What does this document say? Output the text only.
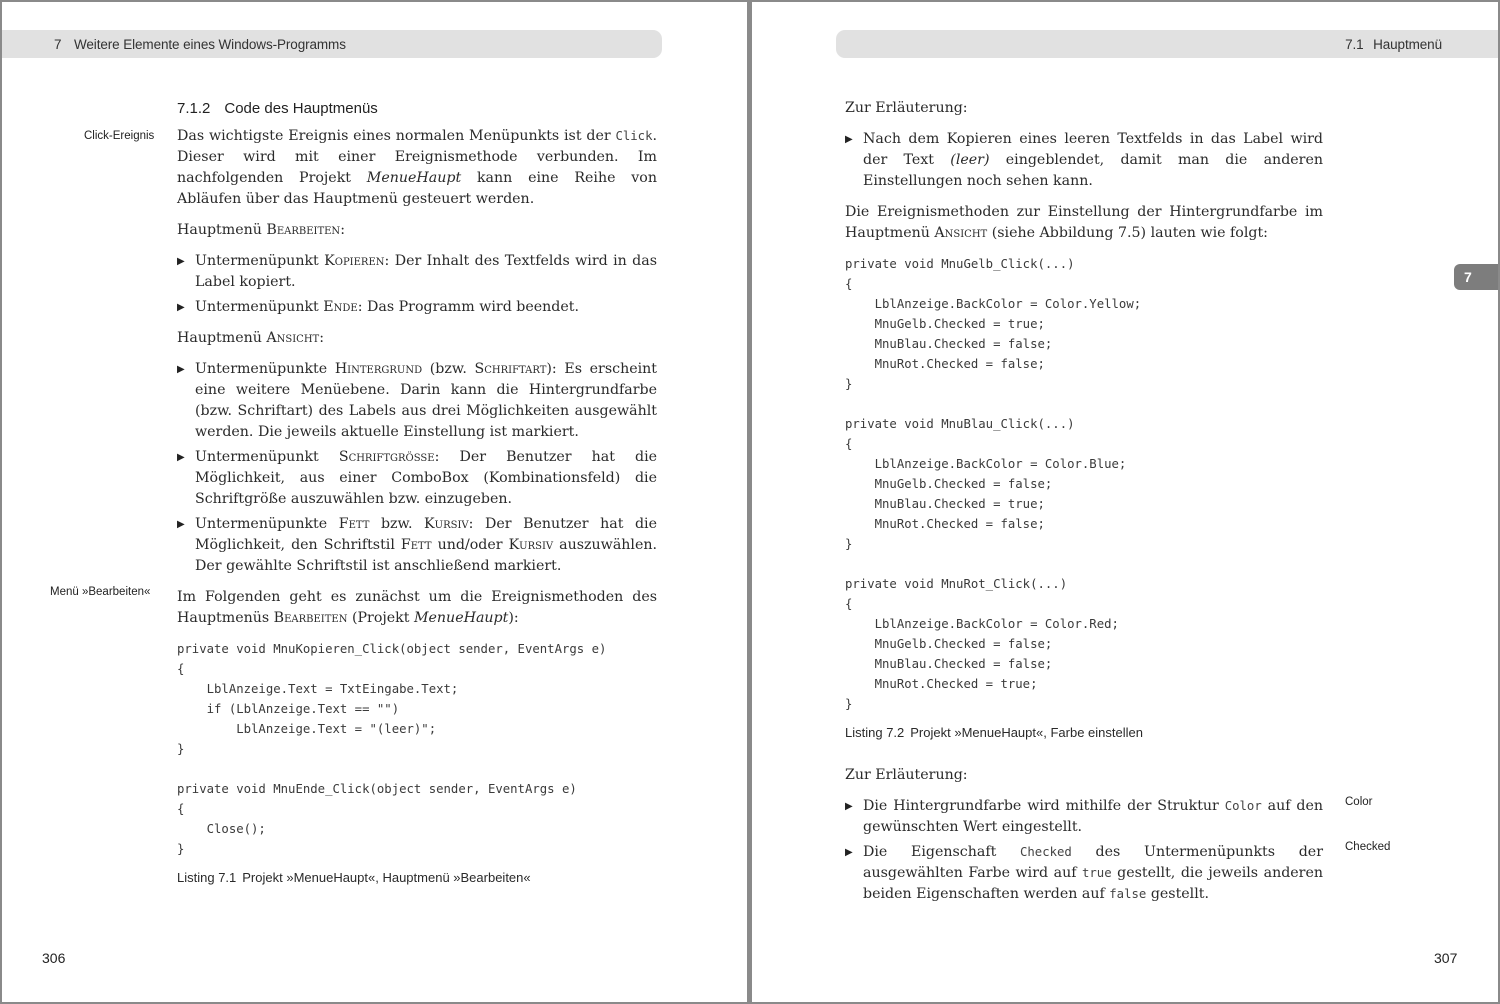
7 Weitere Elemente eines Windows-Programms
Click-Ereignis
Menü »Bearbeiten«
7.1.2 Code des Hauptmenüs

Das wichtigste Ereignis eines normalen Menüpunkts ist der Click. Dieser wird mit einer Ereignismethode verbunden. Im nachfolgenden Projekt MenueHaupt kann eine Reihe von Abläufen über das Hauptmenü gesteuert werden.

Hauptmenü Bearbeiten:

▶ Untermenüpunkt Kopieren: Der Inhalt des Textfelds wird in das Label kopiert.
▶ Untermenüpunkt Ende: Das Programm wird beendet.

Hauptmenü Ansicht:

▶ Untermenüpunkte Hintergrund (bzw. Schriftart): Es erscheint eine weitere Menüebene. Darin kann die Hintergrundfarbe (bzw. Schriftart) des Labels aus drei Möglichkeiten ausgewählt werden. Die jeweils aktuelle Einstellung ist markiert.
▶ Untermenüpunkt Schriftgrösse: Der Benutzer hat die Möglichkeit, aus einer ComboBox (Kombinationsfeld) die Schriftgröße auszuwählen bzw. einzugeben.
▶ Untermenüpunkte Fett bzw. Kursiv: Der Benutzer hat die Möglichkeit, den Schriftstil Fett und/oder Kursiv auszuwählen. Der gewählte Schriftstil ist anschließend markiert.

Im Folgenden geht es zunächst um die Ereignismethoden des Hauptmenüs Bearbeiten (Projekt MenueHaupt):

private void MnuKopieren_Click(object sender, EventArgs e)
{
LblAnzeige.Text = TxtEingabe.Text;
if (LblAnzeige.Text == "")
LblAnzeige.Text = "(leer)";
}

private void MnuEnde_Click(object sender, EventArgs e)
{
Close();
}
Listing 7.1 Projekt »MenueHaupt«, Hauptmenü »Bearbeiten«
306
7.1 Hauptmenü
7
Color
Checked

Zur Erläuterung:

▶ Nach dem Kopieren eines leeren Textfelds in das Label wird der Text (leer) eingeblendet, damit man die anderen Einstellungen noch sehen kann.

Die Ereignismethoden zur Einstellung der Hintergrundfarbe im Hauptmenü Ansicht (siehe Abbildung 7.5) lauten wie folgt:

private void MnuGelb_Click(...)
{
LblAnzeige.BackColor = Color.Yellow;
MnuGelb.Checked = true;
MnuBlau.Checked = false;
MnuRot.Checked = false;
}

private void MnuBlau_Click(...)
{
LblAnzeige.BackColor = Color.Blue;
MnuGelb.Checked = false;
MnuBlau.Checked = true;
MnuRot.Checked = false;
}

private void MnuRot_Click(...)
{
LblAnzeige.BackColor = Color.Red;
MnuGelb.Checked = false;
MnuBlau.Checked = false;
MnuRot.Checked = true;
}
Listing 7.2 Projekt »MenueHaupt«, Farbe einstellen

Zur Erläuterung:

▶ Die Hintergrundfarbe wird mithilfe der Struktur Color auf den gewünschten Wert eingestellt.
▶ Die Eigenschaft Checked des Untermenüpunkts der ausgewählten Farbe wird auf true gestellt, die jeweils anderen beiden Eigenschaften werden auf false gestellt.
307
